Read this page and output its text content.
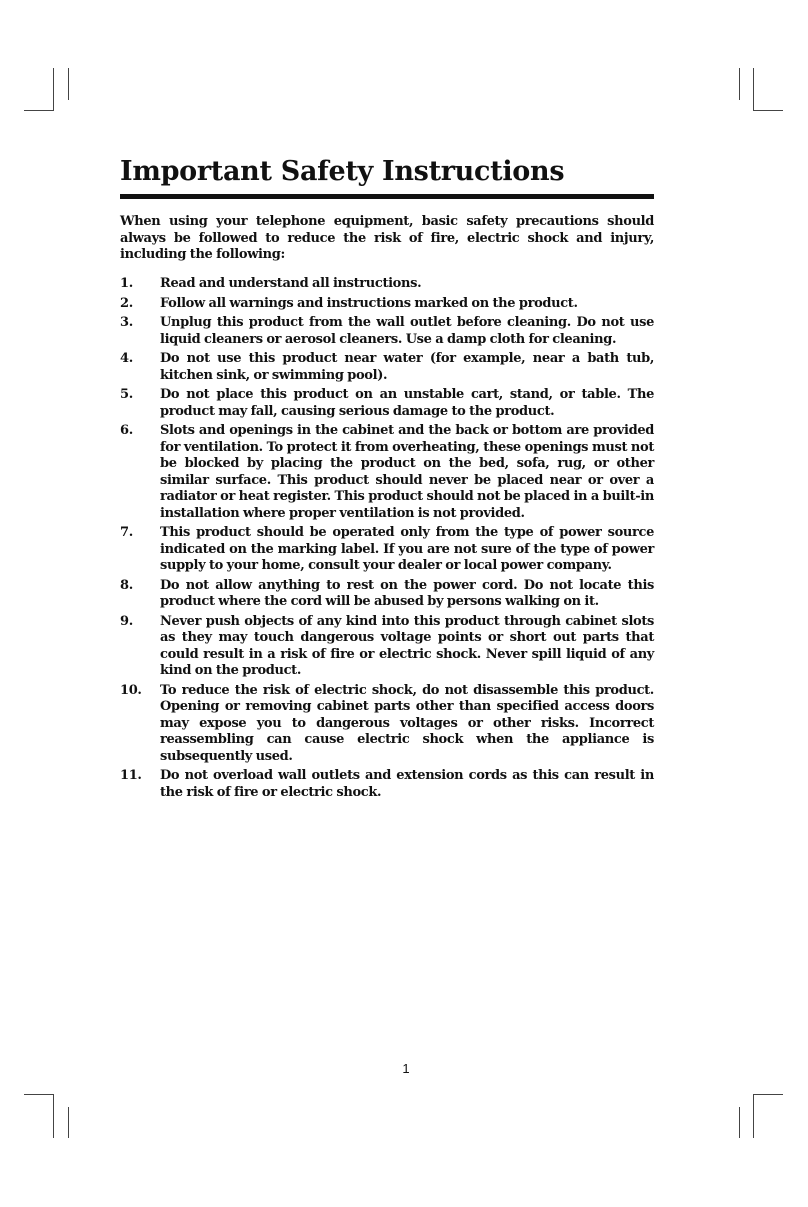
Important Safety Instructions

When using your telephone equipment, basic safety precautions should always be followed to reduce the risk of fire, electric shock and injury, including the following:

1.	Read and understand all instructions.
2.	Follow all warnings and instructions marked on the product.
3.	Unplug this product from the wall outlet before cleaning. Do not use liquid cleaners or aerosol cleaners. Use a damp cloth for cleaning.
4.	Do not use this product near water (for example, near a bath tub, kitchen sink, or swimming pool).
5.	Do not place this product on an unstable cart, stand, or table. The product may fall, causing serious damage to the product.
6.	Slots and openings in the cabinet and the back or bottom are provided for ventilation. To protect it from overheating, these openings must not be blocked by placing the product on the bed, sofa, rug, or other similar surface. This product should never be placed near or over a radiator or heat register. This product should not be placed in a built-in installation where proper ventilation is not provided.
7.	This product should be operated only from the type of power source indicated on the marking label. If you are not sure of the type of power supply to your home, consult your dealer or local power company.
8.	Do not allow anything to rest on the power cord. Do not locate this product where the cord will be abused by persons walking on it.
9.	Never push objects of any kind into this product through cabinet slots as they may touch dangerous voltage points or short out parts that could result in a risk of fire or electric shock. Never spill liquid of any kind on the product.
10.	To reduce the risk of electric shock, do not disassemble this product. Opening or removing cabinet parts other than specified access doors may expose you to dangerous voltages or other risks. Incorrect reassembling can cause electric shock when the appliance is subsequently used.
11.	Do not overload wall outlets and extension cords as this can result in the risk of fire or electric shock.
1
